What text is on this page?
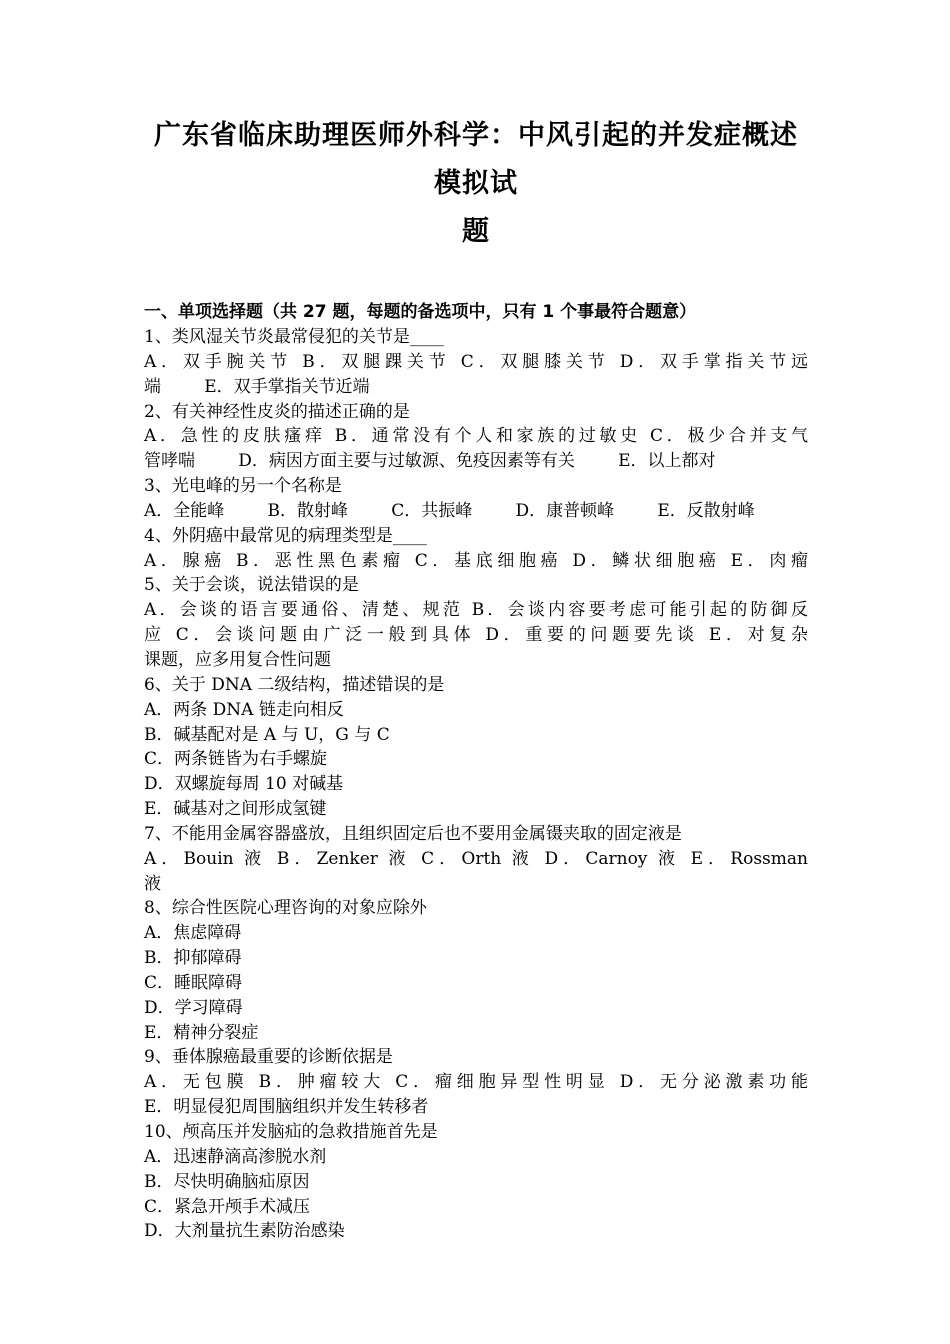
广东省临床助理医师外科学：中风引起的并发症概述模拟试
题
一、单项选择题（共 27 题，每题的备选项中，只有 1 个事最符合题意）
1、类风湿关节炎最常侵犯的关节是____
A．双手腕关节 B．双腿踝关节 C．双腿膝关节 D．双手掌指关节远
端        E．双手掌指关节近端
2、有关神经性皮炎的描述正确的是
A．急性的皮肤瘙痒 B．通常没有个人和家族的过敏史 C．极少合并支气
管哮喘        D．病因方面主要与过敏源、免疫因素等有关        E．以上都对
3、光电峰的另一个名称是
A．全能峰        B．散射峰        C．共振峰        D．康普顿峰        E．反散射峰
4、外阴癌中最常见的病理类型是____
A．腺癌 B．恶性黑色素瘤 C．基底细胞癌 D．鳞状细胞癌 E．肉瘤
5、关于会谈，说法错误的是
A．会谈的语言要通俗、清楚、规范 B．会谈内容要考虑可能引起的防御反
应 C．会谈问题由广泛一般到具体 D．重要的问题要先谈 E．对复杂
课题，应多用复合性问题
6、关于 DNA 二级结构，描述错误的是
A．两条 DNA 链走向相反
B．碱基配对是 A 与 U，G 与 C
C．两条链皆为右手螺旋
D．双螺旋每周 10 对碱基
E．碱基对之间形成氢键
7、不能用金属容器盛放，且组织固定后也不要用金属镊夹取的固定液是
A．Bouin 液 B．Zenker 液 C．Orth 液 D．Carnoy 液 E．Rossman
液
8、综合性医院心理咨询的对象应除外
A．焦虑障碍
B．抑郁障碍
C．睡眠障碍
D．学习障碍
E．精神分裂症
9、垂体腺癌最重要的诊断依据是
A．无包膜 B．肿瘤较大 C．瘤细胞异型性明显 D．无分泌激素功能
E．明显侵犯周围脑组织并发生转移者
10、颅高压并发脑疝的急救措施首先是
A．迅速静滴高渗脱水剂
B．尽快明确脑疝原因
C．紧急开颅手术减压
D．大剂量抗生素防治感染
